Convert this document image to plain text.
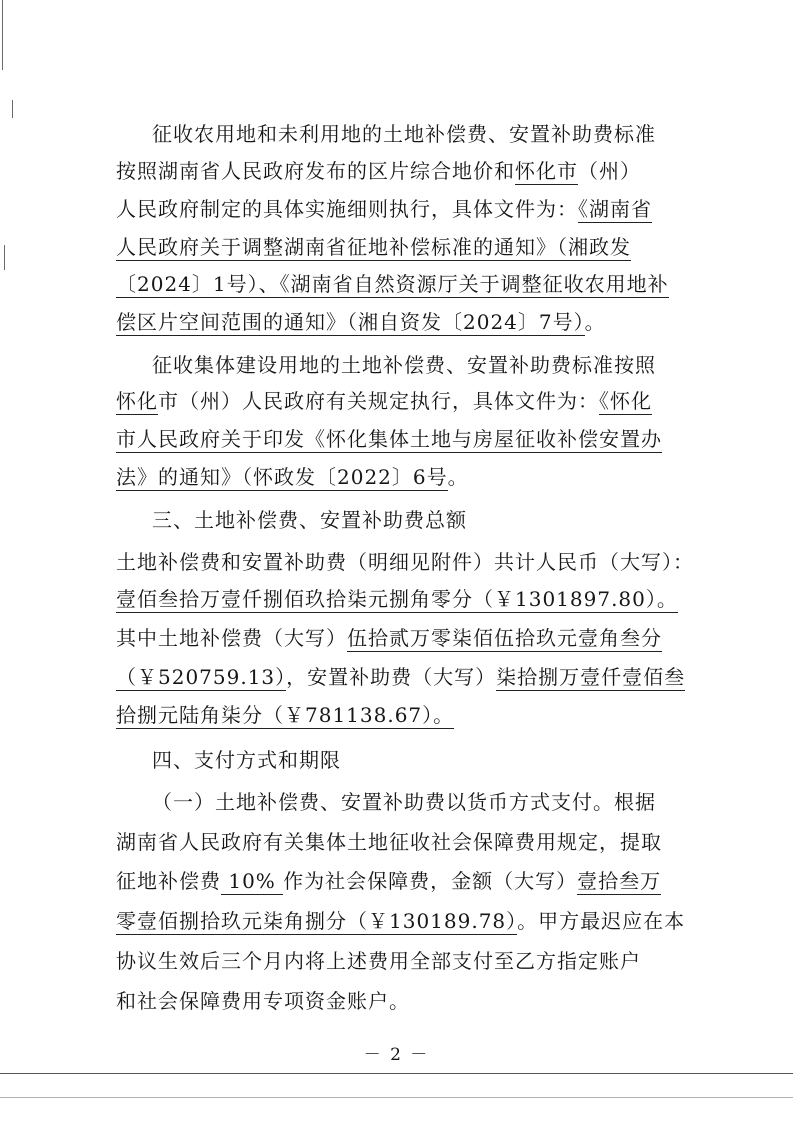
征收农用地和未利用地的土地补偿费、安置补助费标准
按照湖南省人民政府发布的区片综合地价和怀化市（州）
人民政府制定的具体实施细则执行，具体文件为：《湖南省
人民政府关于调整湖南省征地补偿标准的通知》（湘政发
〔2024〕1号）、《湖南省自然资源厅关于调整征收农用地补
偿区片空间范围的通知》（湘自资发〔2024〕7号）。
征收集体建设用地的土地补偿费、安置补助费标准按照
怀化市（州）人民政府有关规定执行，具体文件为：《怀化
市人民政府关于印发《怀化集体土地与房屋征收补偿安置办
法》的通知》（怀政发〔2022〕6号。
三、土地补偿费、安置补助费总额
土地补偿费和安置补助费（明细见附件）共计人民币（大写）：
壹佰叁拾万壹仟捌佰玖拾柒元捌角零分（￥1301897.80）。
其中土地补偿费（大写）伍拾贰万零柒佰伍拾玖元壹角叁分
（￥520759.13），安置补助费（大写）柒拾捌万壹仟壹佰叁
拾捌元陆角柒分（￥781138.67）。
四、支付方式和期限
（一）土地补偿费、安置补助费以货币方式支付。根据
湖南省人民政府有关集体土地征收社会保障费用规定，提取
征地补偿费 10% 作为社会保障费，金额（大写）壹拾叁万
零壹佰捌拾玖元柒角捌分（￥130189.78）。甲方最迟应在本
协议生效后三个月内将上述费用全部支付至乙方指定账户
和社会保障费用专项资金账户。
－ 2 －
